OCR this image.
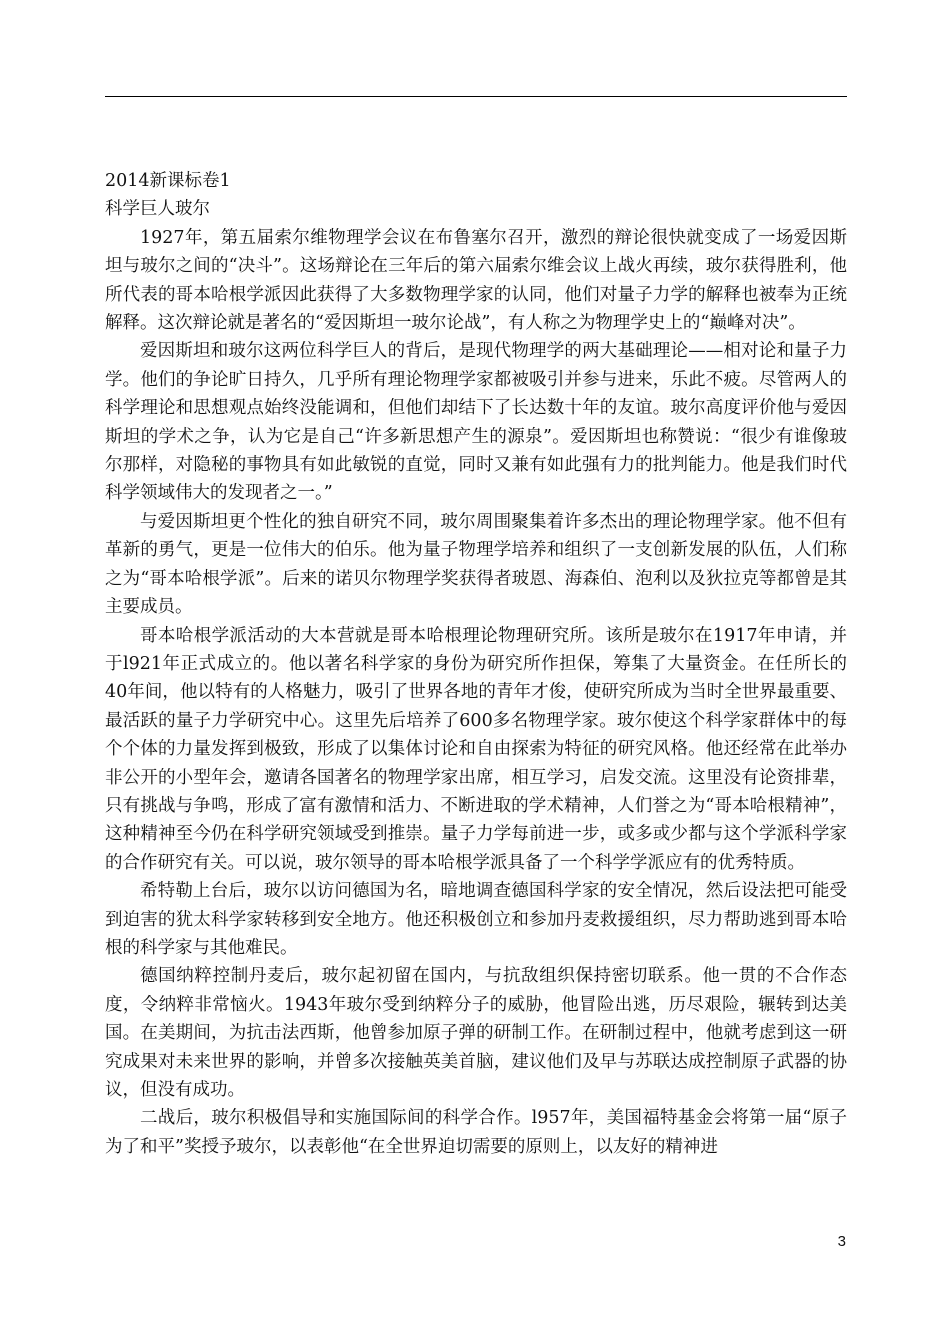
2014新课标卷1
科学巨人玻尔

1927年，第五届索尔维物理学会议在布鲁塞尔召开，激烈的辩论很快就变成了一场爱因斯坦与玻尔之间的“决斗”。这场辩论在三年后的第六届索尔维会议上战火再续，玻尔获得胜利，他所代表的哥本哈根学派因此获得了大多数物理学家的认同，他们对量子力学的解释也被奉为正统解释。这次辩论就是著名的“爱因斯坦一玻尔论战”，有人称之为物理学史上的“巅峰对决”。

爱因斯坦和玻尔这两位科学巨人的背后，是现代物理学的两大基础理论——相对论和量子力学。他们的争论旷日持久，几乎所有理论物理学家都被吸引并参与进来，乐此不疲。尽管两人的科学理论和思想观点始终没能调和，但他们却结下了长达数十年的友谊。玻尔高度评价他与爱因斯坦的学术之争，认为它是自己“许多新思想产生的源泉”。爱因斯坦也称赞说：“很少有谁像玻尔那样，对隐秘的事物具有如此敏锐的直觉，同时又兼有如此强有力的批判能力。他是我们时代科学领域伟大的发现者之一。”

与爱因斯坦更个性化的独自研究不同，玻尔周围聚集着许多杰出的理论物理学家。他不但有革新的勇气，更是一位伟大的伯乐。他为量子物理学培养和组织了一支创新发展的队伍，人们称之为“哥本哈根学派”。后来的诺贝尔物理学奖获得者玻恩、海森伯、泡利以及狄拉克等都曾是其主要成员。

哥本哈根学派活动的大本营就是哥本哈根理论物理研究所。该所是玻尔在1917年申请，并于l921年正式成立的。他以著名科学家的身份为研究所作担保，筹集了大量资金。在任所长的40年间，他以特有的人格魅力，吸引了世界各地的青年才俊，使研究所成为当时全世界最重要、最活跃的量子力学研究中心。这里先后培养了600多名物理学家。玻尔使这个科学家群体中的每个个体的力量发挥到极致，形成了以集体讨论和自由探索为特征的研究风格。他还经常在此举办非公开的小型年会，邀请各国著名的物理学家出席，相互学习，启发交流。这里没有论资排辈，只有挑战与争鸣，形成了富有激情和活力、不断进取的学术精神，人们誉之为“哥本哈根精神”，这种精神至今仍在科学研究领域受到推崇。量子力学每前进一步，或多或少都与这个学派科学家的合作研究有关。可以说，玻尔领导的哥本哈根学派具备了一个科学学派应有的优秀特质。

希特勒上台后，玻尔以访问德国为名，暗地调查德国科学家的安全情况，然后设法把可能受到迫害的犹太科学家转移到安全地方。他还积极创立和参加丹麦救援组织，尽力帮助逃到哥本哈根的科学家与其他难民。

德国纳粹控制丹麦后，玻尔起初留在国内，与抗敌组织保持密切联系。他一贯的不合作态度，令纳粹非常恼火。1943年玻尔受到纳粹分子的威胁，他冒险出逃，历尽艰险，辗转到达美国。在美期间，为抗击法西斯，他曾参加原子弹的研制工作。在研制过程中，他就考虑到这一研究成果对未来世界的影响，并曾多次接触英美首脑，建议他们及早与苏联达成控制原子武器的协议，但没有成功。

二战后，玻尔积极倡导和实施国际间的科学合作。l957年，美国福特基金会将第一届“原子为了和平”奖授予玻尔，以表彰他“在全世界迫切需要的原则上，以友好的精神进

3
